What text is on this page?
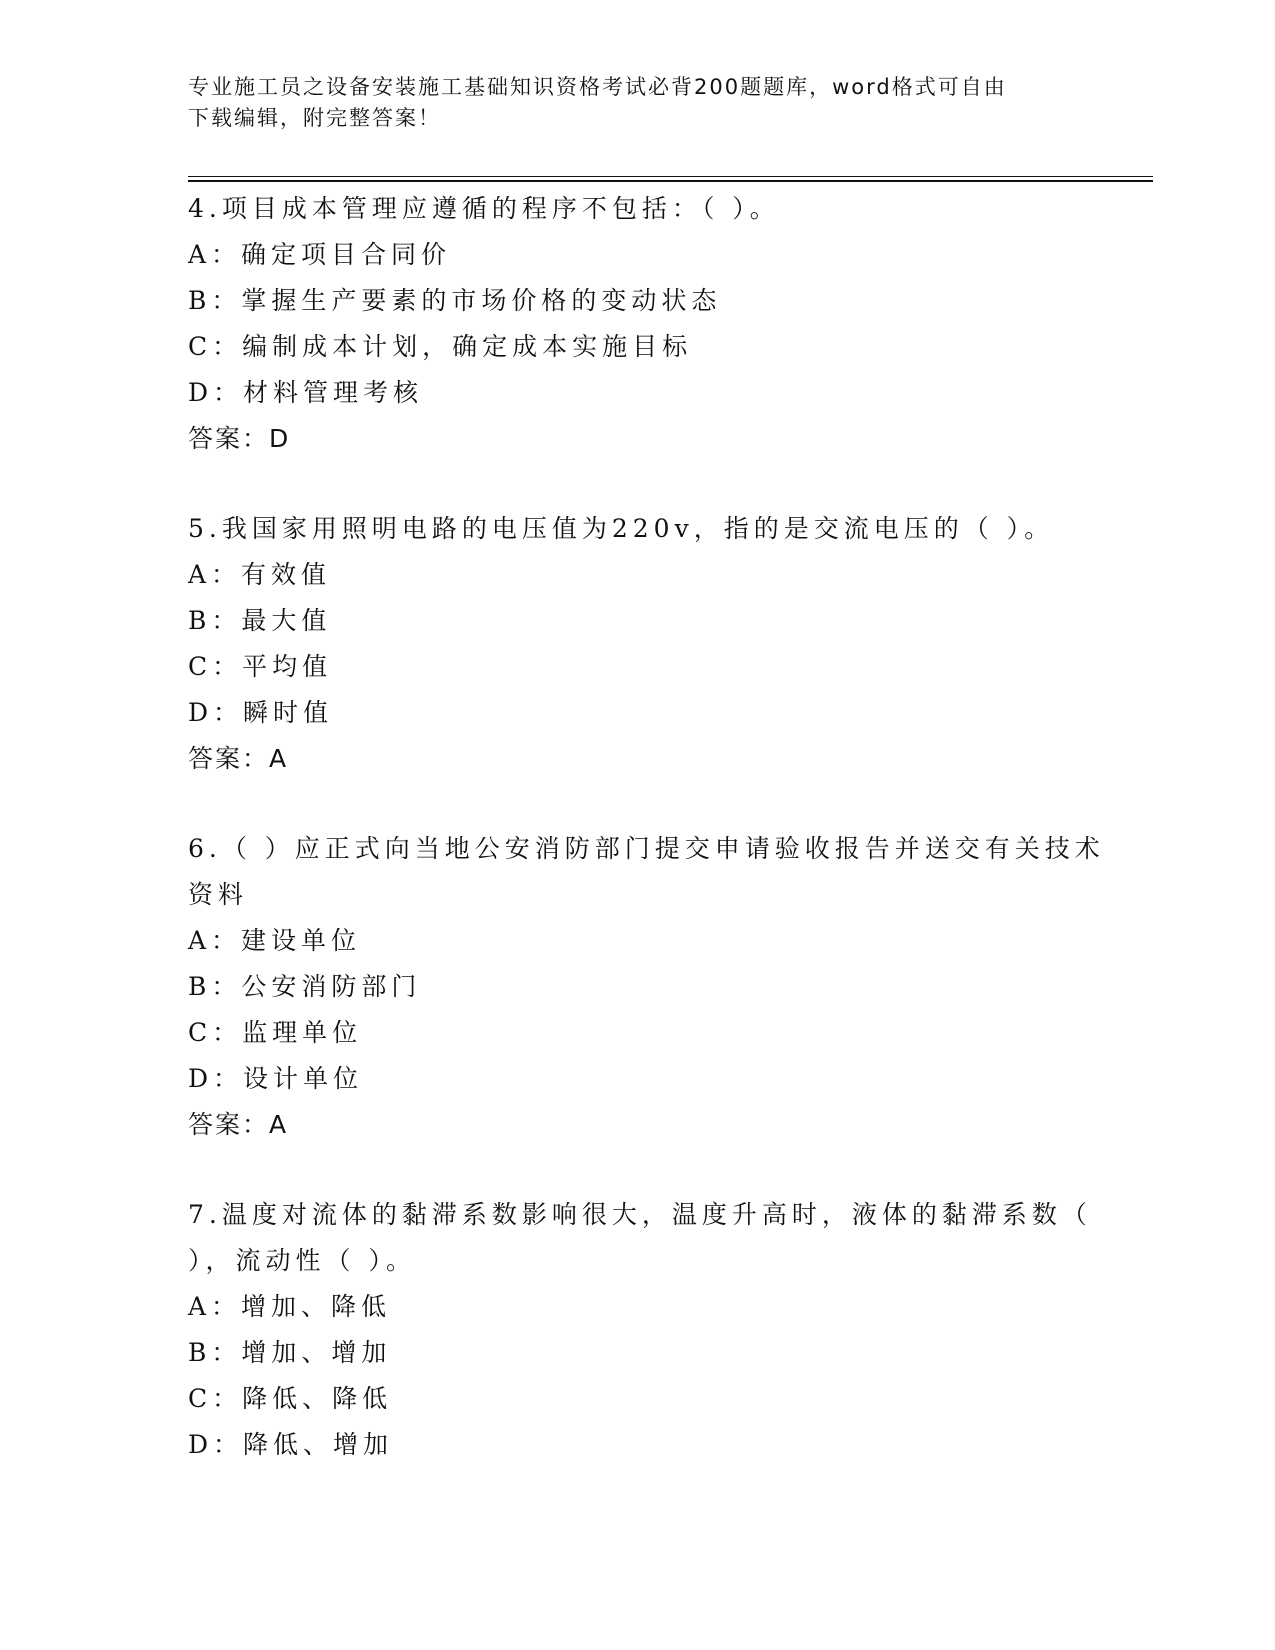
专业施工员之设备安装施工基础知识资格考试必背200题题库，word格式可自由
下载编辑，附完整答案！
4.项目成本管理应遵循的程序不包括：（ ）。
A：确定项目合同价
B：掌握生产要素的市场价格的变动状态
C：编制成本计划，确定成本实施目标
D：材料管理考核
答案：D
5.我国家用照明电路的电压值为220v，指的是交流电压的（ ）。
A：有效值
B：最大值
C：平均值
D：瞬时值
答案：A
6.（ ）应正式向当地公安消防部门提交申请验收报告并送交有关技术
资料
A：建设单位
B：公安消防部门
C：监理单位
D：设计单位
答案：A
7.温度对流体的黏滞系数影响很大，温度升高时，液体的黏滞系数（
），流动性（ ）。
A：增加、降低
B：增加、增加
C：降低、降低
D：降低、增加
